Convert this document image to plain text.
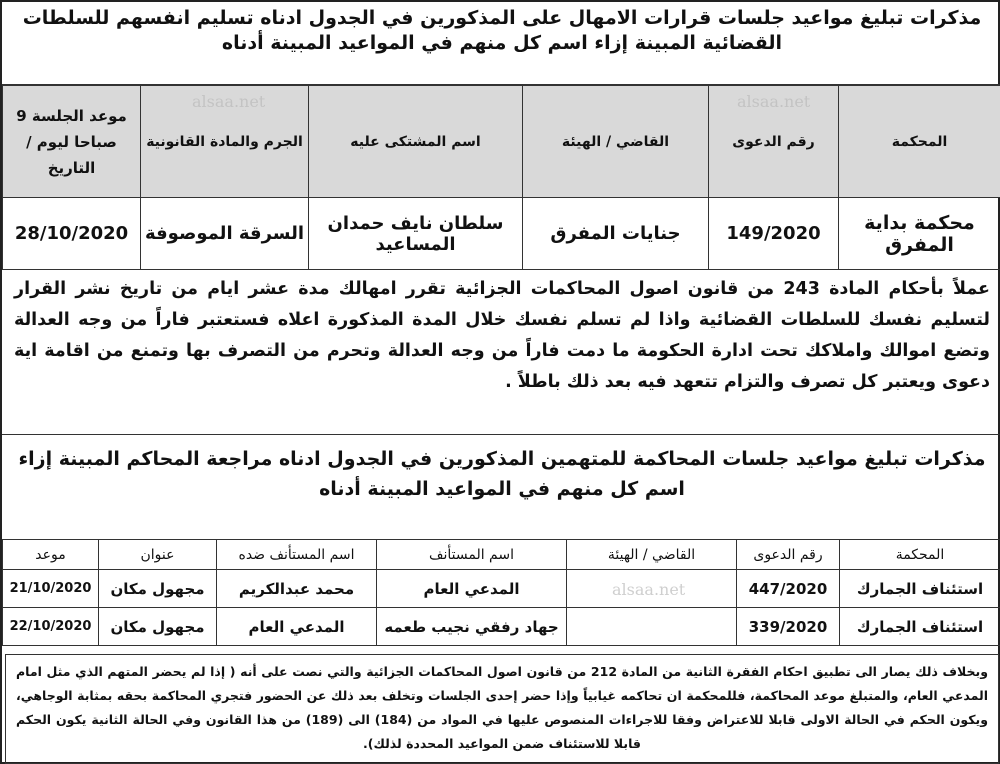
مذكرات تبليغ مواعيد جلسات قرارات الامهال على المذكورين في الجدول ادناه تسليم انفسهم للسلطات القضائية المبينة إزاء اسم كل منهم في المواعيد المبينة أدناه
المحكمة	رقم الدعوى	القاضي / الهيئة	اسم المشتكى عليه	الجرم والمادة القانونية	موعد الجلسة 9 صباحا ليوم / التاريخ
محكمة بداية المفرق	149/2020	جنايات المفرق	سلطان نايف حمدان المساعيد	السرقة الموصوفة	28/10/2020
عملاً بأحكام المادة 243 من قانون اصول المحاكمات الجزائية تقرر امهالك مدة عشر ايام من تاريخ نشر القرار لتسليم نفسك للسلطات القضائية واذا لم تسلم نفسك خلال المدة المذكورة اعلاه فستعتبر فاراً من وجه العدالة وتضع اموالك واملاكك تحت ادارة الحكومة ما دمت فاراً من وجه العدالة وتحرم من التصرف بها وتمنع من اقامة اية دعوى ويعتبر كل تصرف والتزام تتعهد فيه بعد ذلك باطلاً .
مذكرات تبليغ مواعيد جلسات المحاكمة للمتهمين المذكورين في الجدول ادناه مراجعة المحاكم المبينة إزاء اسم كل منهم في المواعيد المبينة أدناه
المحكمة	رقم الدعوى	القاضي / الهيئة	اسم المستأنف	اسم المستأنف ضده	عنوان	موعد
استئناف الجمارك	447/2020		المدعي العام	محمد عبدالكريم	مجهول مكان	21/10/2020
استئناف الجمارك	339/2020		جهاد رفقي نجيب طعمه	المدعي العام	مجهول مكان	22/10/2020
وبخلاف ذلك يصار الى تطبيق احكام الفقرة الثانية من المادة 212 من قانون اصول المحاكمات الجزائية والتي نصت على أنه ( إذا لم يحضر المتهم الذي مثل امام المدعي العام، والمتبلغ موعد المحاكمة، فللمحكمة ان تحاكمه غيابياً وإذا حضر إحدى الجلسات وتخلف بعد ذلك عن الحضور فتجري المحاكمة بحقه بمثابة الوجاهي، ويكون الحكم في الحالة الاولى قابلا للاعتراض وفقا للاجراءات المنصوص عليها في المواد من (184) الى (189) من هذا القانون وفي الحالة الثانية يكون الحكم قابلا للاستئناف ضمن المواعيد المحددة لذلك).
alsaa.net	alsaa.net
alsaa.net
